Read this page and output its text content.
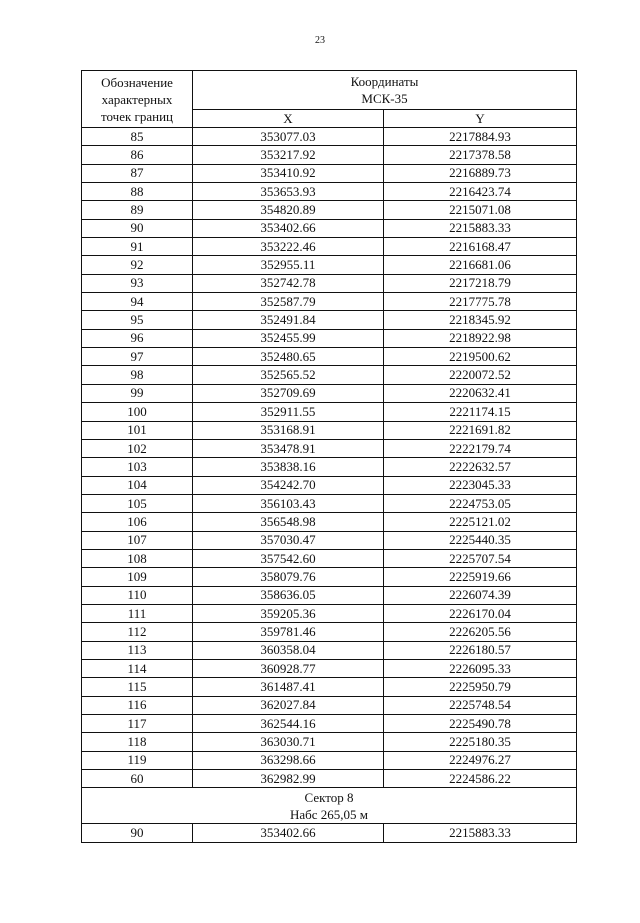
23
Обозначение
характерных
точек границ	Координаты
МСК-35	

	X	Y
85	353077.03	2217884.93
86	353217.92	2217378.58
87	353410.92	2216889.73
88	353653.93	2216423.74
89	354820.89	2215071.08
90	353402.66	2215883.33
91	353222.46	2216168.47
92	352955.11	2216681.06
93	352742.78	2217218.79
94	352587.79	2217775.78
95	352491.84	2218345.92
96	352455.99	2218922.98
97	352480.65	2219500.62
98	352565.52	2220072.52
99	352709.69	2220632.41
100	352911.55	2221174.15
101	353168.91	2221691.82
102	353478.91	2222179.74
103	353838.16	2222632.57
104	354242.70	2223045.33
105	356103.43	2224753.05
106	356548.98	2225121.02
107	357030.47	2225440.35
108	357542.60	2225707.54
109	358079.76	2225919.66
110	358636.05	2226074.39
111	359205.36	2226170.04
112	359781.46	2226205.56
113	360358.04	2226180.57
114	360928.77	2226095.33
115	361487.41	2225950.79
116	362027.84	2225748.54
117	362544.16	2225490.78
118	363030.71	2225180.35
119	363298.66	2224976.27
60	362982.99	2224586.22

Сектор 8
Набс 265,05 м		

90	353402.66	2215883.33
